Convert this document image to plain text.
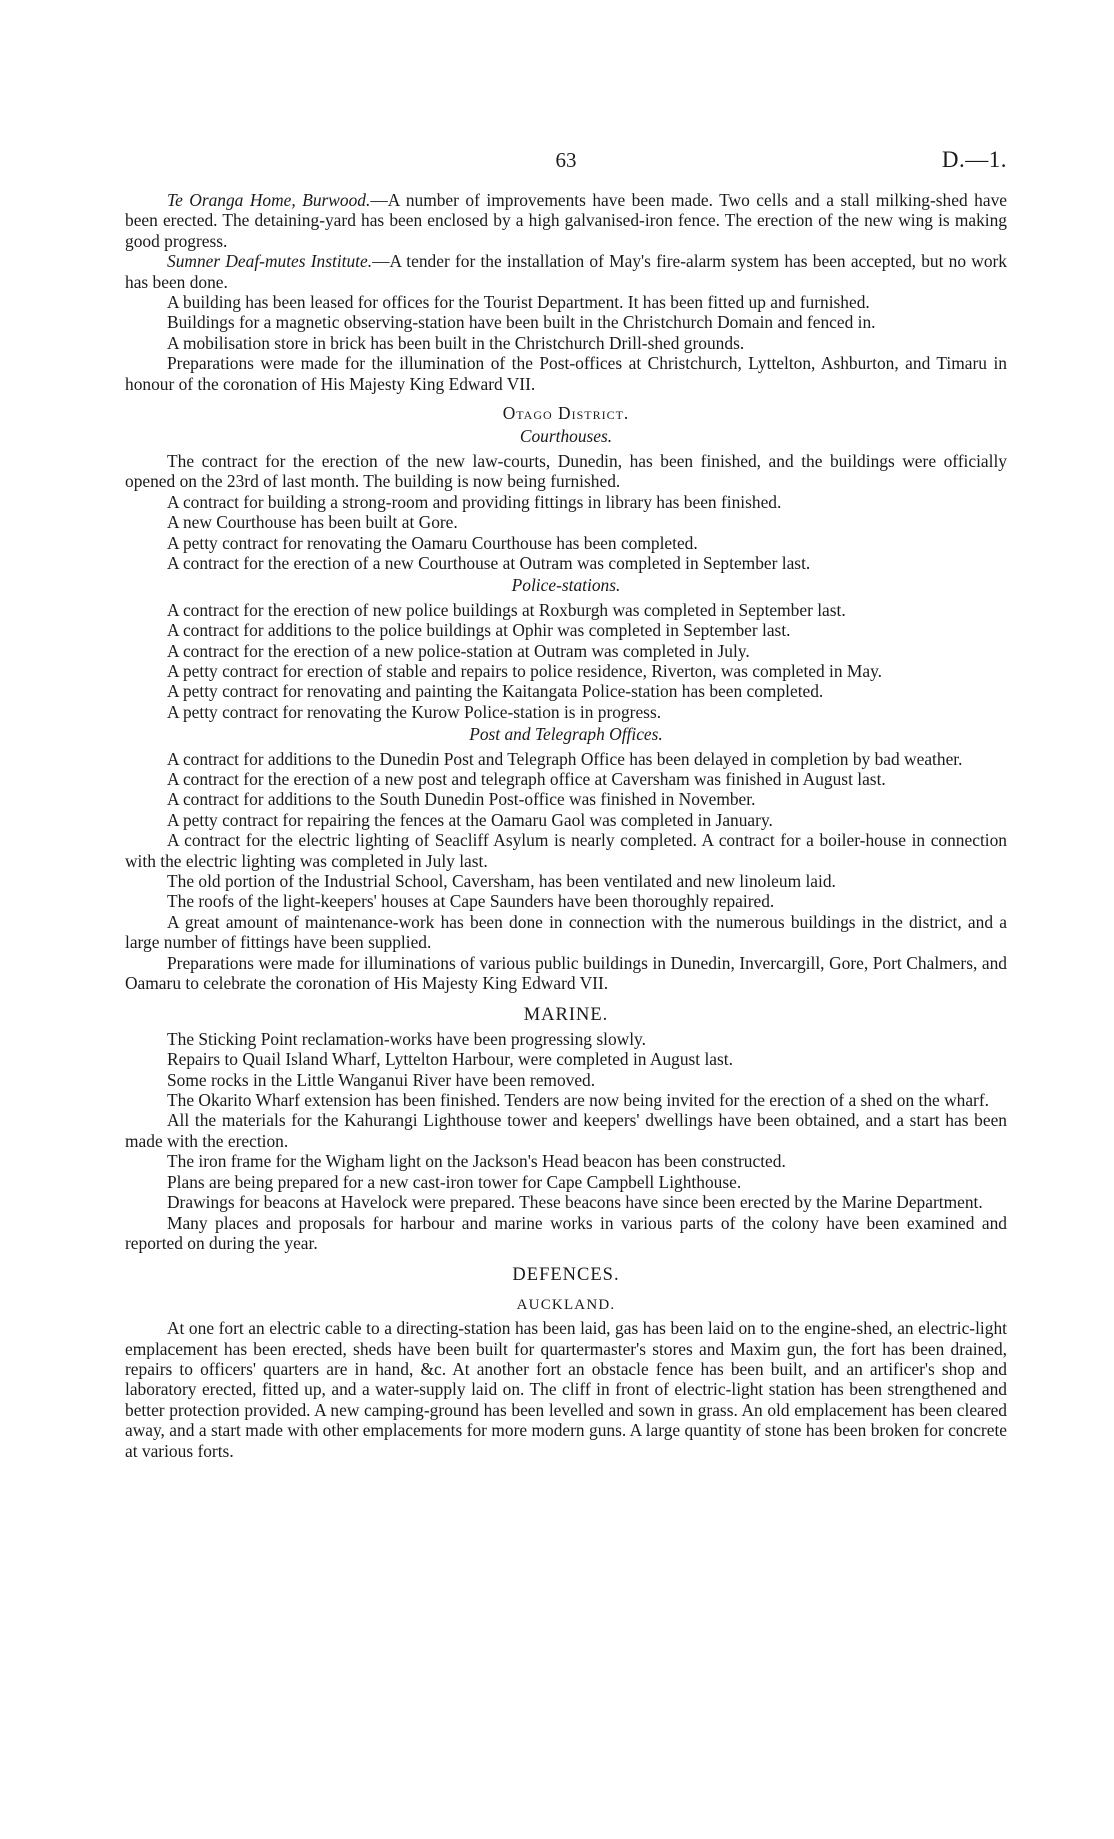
63	D.—1.

Te Oranga Home, Burwood.—A number of improvements have been made. Two cells and a stall milking-shed have been erected. The detaining-yard has been enclosed by a high galvanised-iron fence. The erection of the new wing is making good progress.

Sumner Deaf-mutes Institute.—A tender for the installation of May's fire-alarm system has been accepted, but no work has been done.

A building has been leased for offices for the Tourist Department. It has been fitted up and furnished.

Buildings for a magnetic observing-station have been built in the Christchurch Domain and fenced in.

A mobilisation store in brick has been built in the Christchurch Drill-shed grounds.

Preparations were made for the illumination of the Post-offices at Christchurch, Lyttelton, Ashburton, and Timaru in honour of the coronation of His Majesty King Edward VII.

Otago District.
Courthouses.

The contract for the erection of the new law-courts, Dunedin, has been finished, and the buildings were officially opened on the 23rd of last month. The building is now being furnished.

A contract for building a strong-room and providing fittings in library has been finished.

A new Courthouse has been built at Gore.

A petty contract for renovating the Oamaru Courthouse has been completed.

A contract for the erection of a new Courthouse at Outram was completed in September last.

Police-stations.

A contract for the erection of new police buildings at Roxburgh was completed in September last.

A contract for additions to the police buildings at Ophir was completed in September last.

A contract for the erection of a new police-station at Outram was completed in July.

A petty contract for erection of stable and repairs to police residence, Riverton, was completed in May.

A petty contract for renovating and painting the Kaitangata Police-station has been completed.

A petty contract for renovating the Kurow Police-station is in progress.

Post and Telegraph Offices.

A contract for additions to the Dunedin Post and Telegraph Office has been delayed in completion by bad weather.

A contract for the erection of a new post and telegraph office at Caversham was finished in August last.

A contract for additions to the South Dunedin Post-office was finished in November.

A petty contract for repairing the fences at the Oamaru Gaol was completed in January.

A contract for the electric lighting of Seacliff Asylum is nearly completed. A contract for a boiler-house in connection with the electric lighting was completed in July last.

The old portion of the Industrial School, Caversham, has been ventilated and new linoleum laid.

The roofs of the light-keepers' houses at Cape Saunders have been thoroughly repaired.

A great amount of maintenance-work has been done in connection with the numerous buildings in the district, and a large number of fittings have been supplied.

Preparations were made for illuminations of various public buildings in Dunedin, Invercargill, Gore, Port Chalmers, and Oamaru to celebrate the coronation of His Majesty King Edward VII.

MARINE.

The Sticking Point reclamation-works have been progressing slowly.

Repairs to Quail Island Wharf, Lyttelton Harbour, were completed in August last.

Some rocks in the Little Wanganui River have been removed.

The Okarito Wharf extension has been finished. Tenders are now being invited for the erection of a shed on the wharf.

All the materials for the Kahurangi Lighthouse tower and keepers' dwellings have been obtained, and a start has been made with the erection.

The iron frame for the Wigham light on the Jackson's Head beacon has been constructed.

Plans are being prepared for a new cast-iron tower for Cape Campbell Lighthouse.

Drawings for beacons at Havelock were prepared. These beacons have since been erected by the Marine Department.

Many places and proposals for harbour and marine works in various parts of the colony have been examined and reported on during the year.

DEFENCES.
AUCKLAND.

At one fort an electric cable to a directing-station has been laid, gas has been laid on to the engine-shed, an electric-light emplacement has been erected, sheds have been built for quartermaster's stores and Maxim gun, the fort has been drained, repairs to officers' quarters are in hand, &c. At another fort an obstacle fence has been built, and an artificer's shop and laboratory erected, fitted up, and a water-supply laid on. The cliff in front of electric-light station has been strengthened and better protection provided. A new camping-ground has been levelled and sown in grass. An old emplacement has been cleared away, and a start made with other emplacements for more modern guns. A large quantity of stone has been broken for concrete at various forts.
